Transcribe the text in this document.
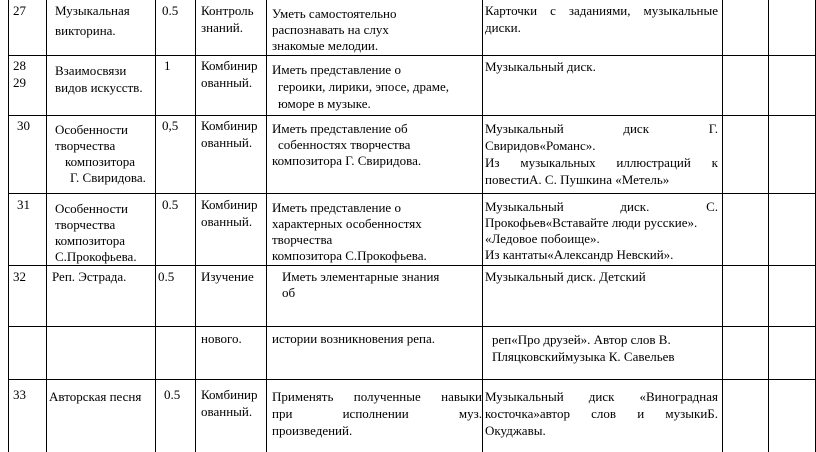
27 Музыкальная
викторина.
0.5 Контроль
знаний.
Уметь самостоятельно
распознавать на слух
знакомые мелодии.
Карточки с заданиями, музыкальные
диски.
28
29
Взаимосвязи
видов искусств.
1 Комбинир
ованный.
Иметь представление о
героики, лирики, эпосе, драме,
юморе в музыке.
Музыкальный диск.
30 Особенности
творчества
композитора
Г. Свиридова.
0,5 Комбинир
ованный.
Иметь представление об
собенностях творчества
композитора Г. Свиридова.
Музыкальный диск Г.
Свиридов«Романс».
Из музыкальных иллюстраций к
повестиА. С. Пушкина «Метель»
31 Особенности
творчества
композитора
С.Прокофьева.
0.5 Комбинир
ованный.
Иметь представление о
характерных особенностях
творчества
композитора С.Прокофьева.
Музыкальный диск. С.
Прокофьев«Вставайте люди русские».
«Ледовое побоище».
Из кантаты«Александр Невский».
32 Реп. Эстрада. 0.5 Изучение Иметь элементарные знания
об
Музыкальный диск. Детский
нового. истории возникновения репа.	реп«Про друзей». Автор слов В.
Пляцковскиймузыка К. Савельев
33 Авторская песня 0.5 Комбинир
ованный.
Применять полученные навыки
при исполнении муз.
произведений.
Музыкальный диск «Виноградная
косточка»автор слов и музыкиБ.
Окуджавы.
